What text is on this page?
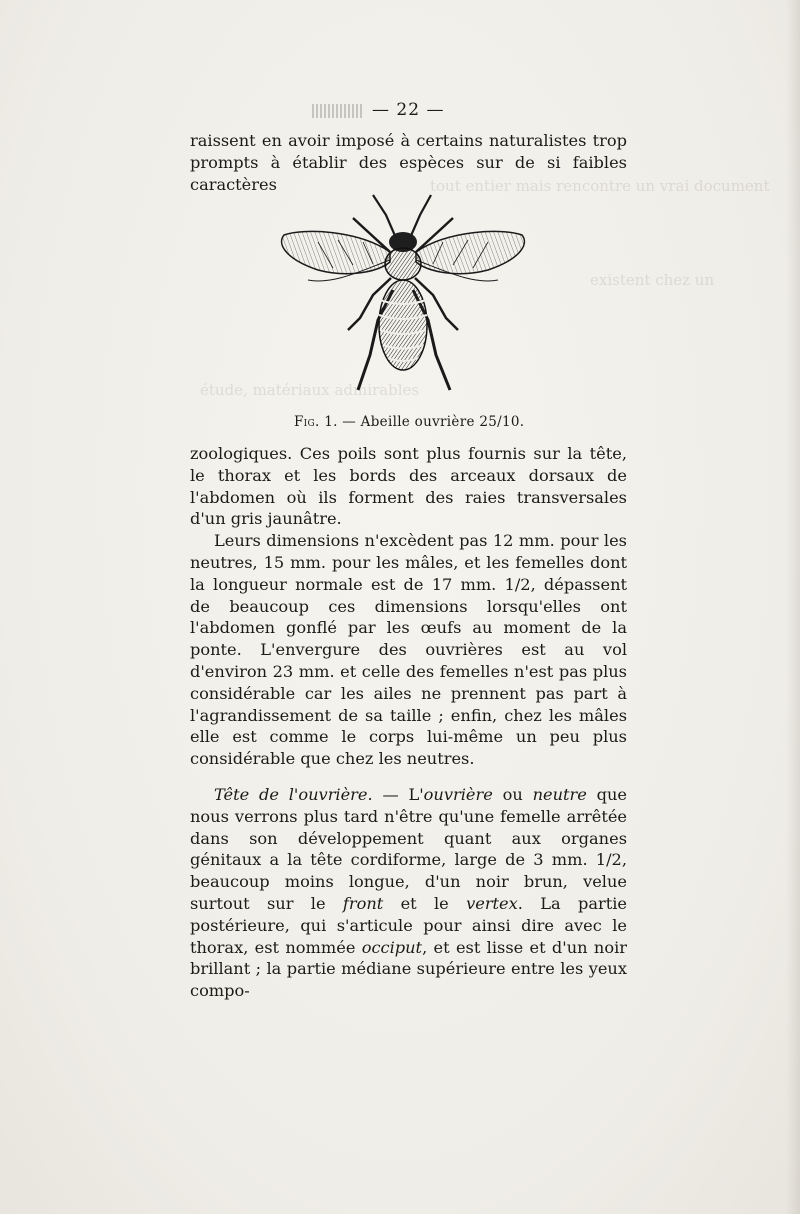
tout entier mais rencontre un vrai document
existent chez un
étude, matériaux admirables
— 22 —

raissent en avoir imposé à certains naturalistes trop prompts à établir des espèces sur de si faibles caractères

Fig. 1. — Abeille ouvrière 25/10.

zoologiques. Ces poils sont plus fournis sur la tête, le thorax et les bords des arceaux dorsaux de l'abdomen où ils forment des raies transversales d'un gris jaunâtre.

Leurs dimensions n'excèdent pas 12 mm. pour les neutres, 15 mm. pour les mâles, et les femelles dont la longueur normale est de 17 mm. 1/2, dépassent de beaucoup ces dimensions lorsqu'elles ont l'abdomen gonflé par les œufs au moment de la ponte. L'envergure des ouvrières est au vol d'environ 23 mm. et celle des femelles n'est pas plus considérable car les ailes ne prennent pas part à l'agrandissement de sa taille ; enfin, chez les mâles elle est comme le corps lui-même un peu plus considérable que chez les neutres.

Tête de l'ouvrière. — L'ouvrière ou neutre que nous verrons plus tard n'être qu'une femelle arrêtée dans son développement quant aux organes génitaux a la tête cordiforme, large de 3 mm. 1/2, beaucoup moins longue, d'un noir brun, velue surtout sur le front et le vertex. La partie postérieure, qui s'articule pour ainsi dire avec le thorax, est nommée occiput, et est lisse et d'un noir brillant ; la partie médiane supérieure entre les yeux compo-
